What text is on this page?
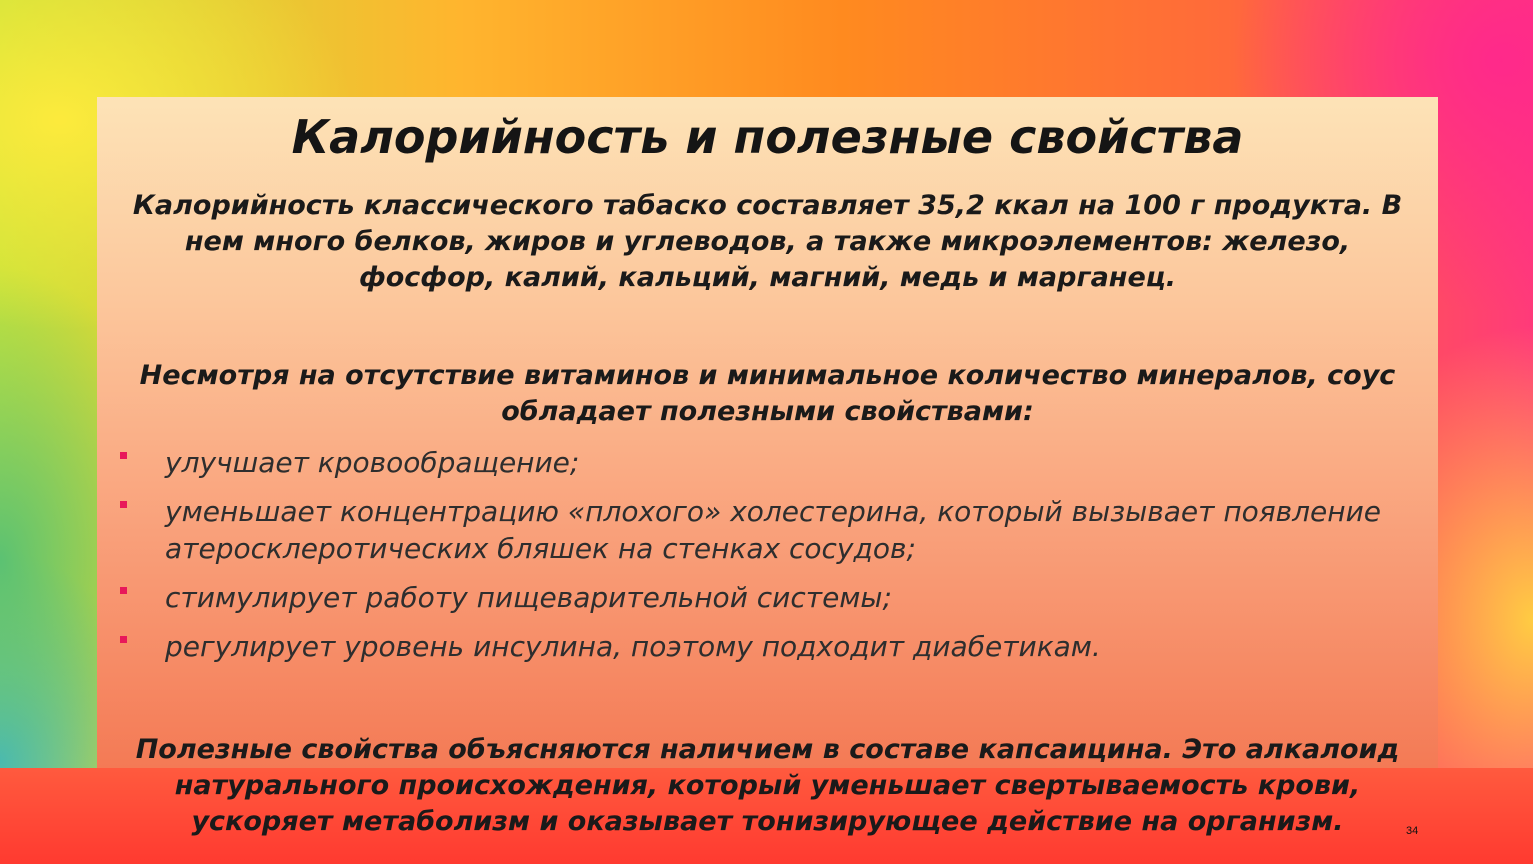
Калорийность и полезные свойства
Калорийность классического табаско составляет 35,2 ккал на 100 г продукта. В нем много белков, жиров и углеводов, а также микроэлементов: железо, фосфор, калий, кальций, магний, медь и марганец.
Несмотря на отсутствие витаминов и минимальное количество минералов, соус обладает полезными свойствами:
улучшает кровообращение;
уменьшает концентрацию «плохого» холестерина, который вызывает появление атеросклеротических бляшек на стенках сосудов;
стимулирует работу пищеварительной системы;
регулирует уровень инсулина, поэтому подходит диабетикам.
Полезные свойства объясняются наличием в составе капсаицина. Это алкалоид натурального происхождения, который уменьшает свертываемость крови, ускоряет метаболизм и оказывает тонизирующее действие на организм.	34
